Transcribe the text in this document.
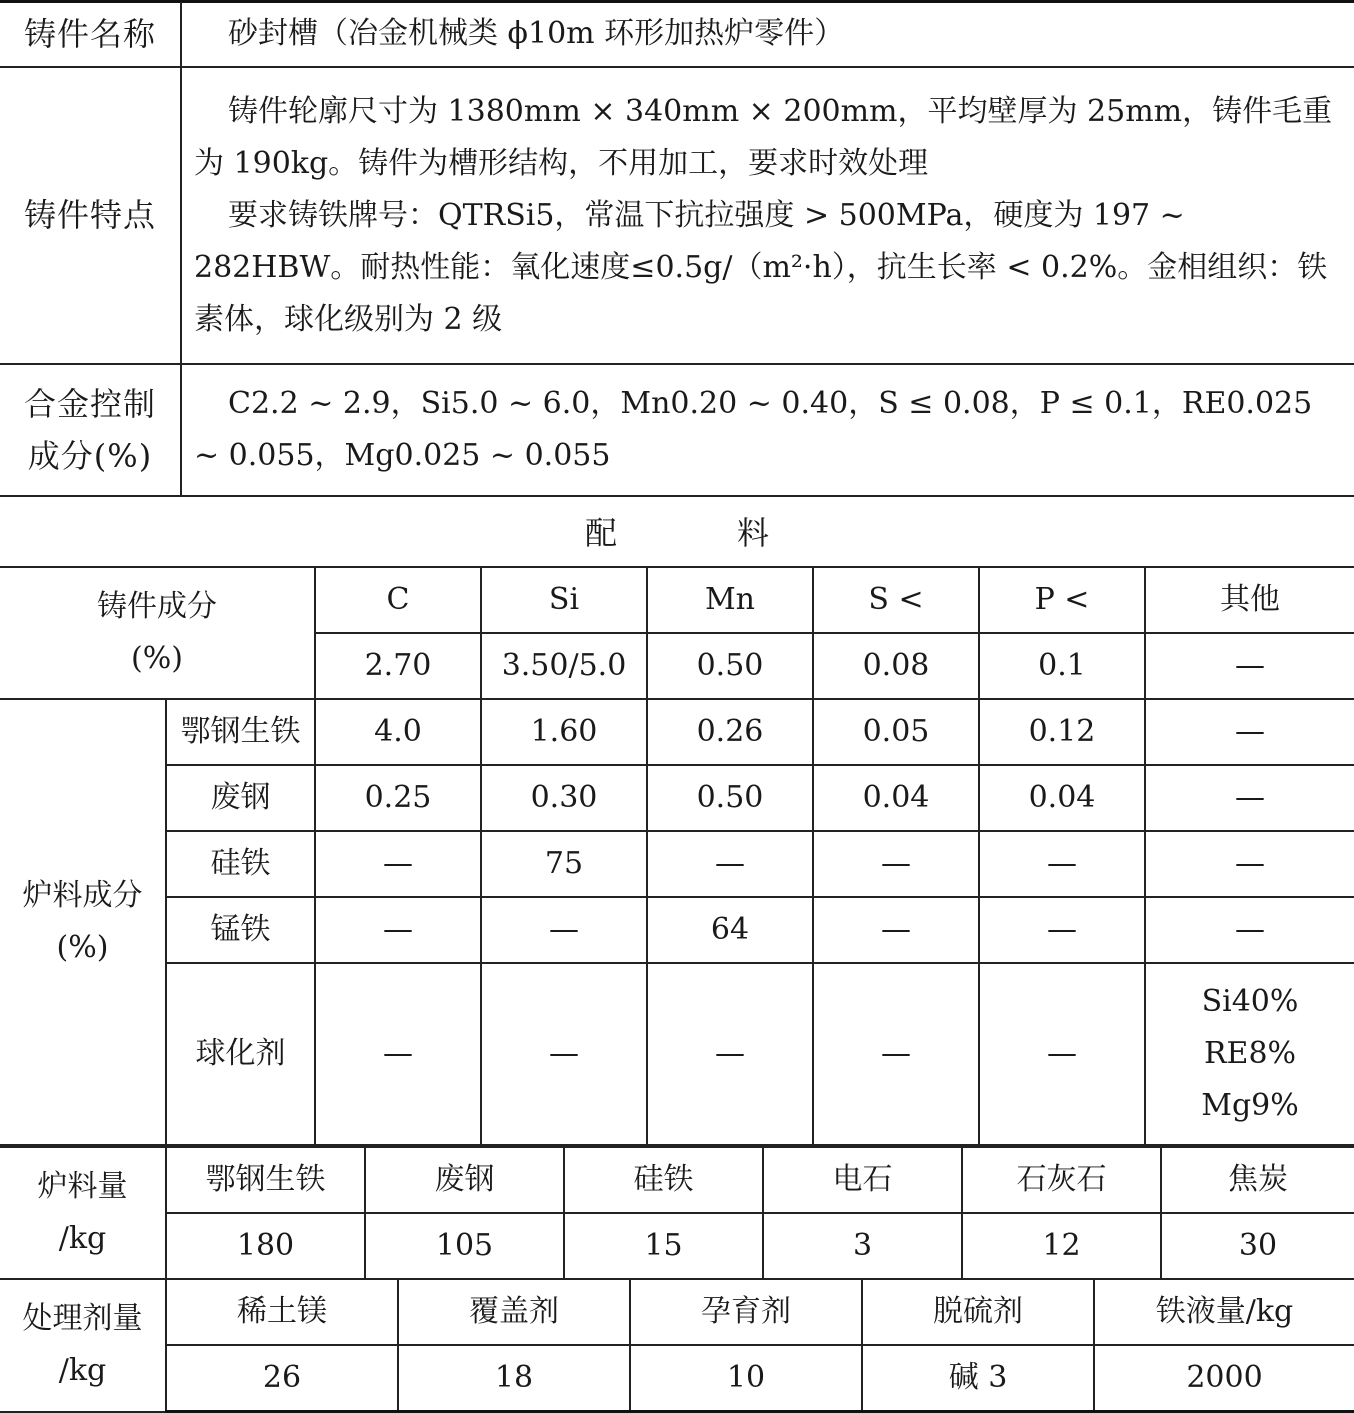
铸件名称	砂封槽（冶金机械类 ϕ10m 环形加热炉零件）
铸件特点	铸件轮廓尺寸为 1380mm × 340mm × 200mm，平均壁厚为 25mm，铸件毛重为 190kg。铸件为槽形结构，不用加工，要求时效处理
要求铸铁牌号：QTRSi5，常温下抗拉强度 > 500MPa，硬度为 197 ~ 282HBW。耐热性能：氧化速度≤0.5g/（m²·h），抗生长率 < 0.2%。金相组织：铁素体，球化级别为 2 级

合金控制
成分(%)	C2.2 ~ 2.9，Si5.0 ~ 6.0，Mn0.20 ~ 0.40，S ≤ 0.08，P ≤ 0.1，RE0.025 ~ 0.055，Mg0.025 ~ 0.055
配	料
铸件成分
(%)		C	Si	Mn	S <	P <	其他
		2.70	3.50/5.0	0.50	0.08	0.1	—

炉料成分
(%)	鄂钢生铁	4.0	1.60	0.26	0.05	0.12	—
	废钢	0.25	0.30	0.50	0.04	0.04	—
	硅铁	—	75	—	—	—	—
	锰铁	—	—	64	—	—	—
	球化剂	—	—	—	—	—	Si40%
RE8%
Mg9%
炉料量
/kg	鄂钢生铁	废钢	硅铁	电石	石灰石	焦炭
	180	105	15	3	12	30
处理剂量
/kg	稀土镁	覆盖剂	孕育剂	脱硫剂	铁液量/kg
	26	18	10	碱 3	2000
